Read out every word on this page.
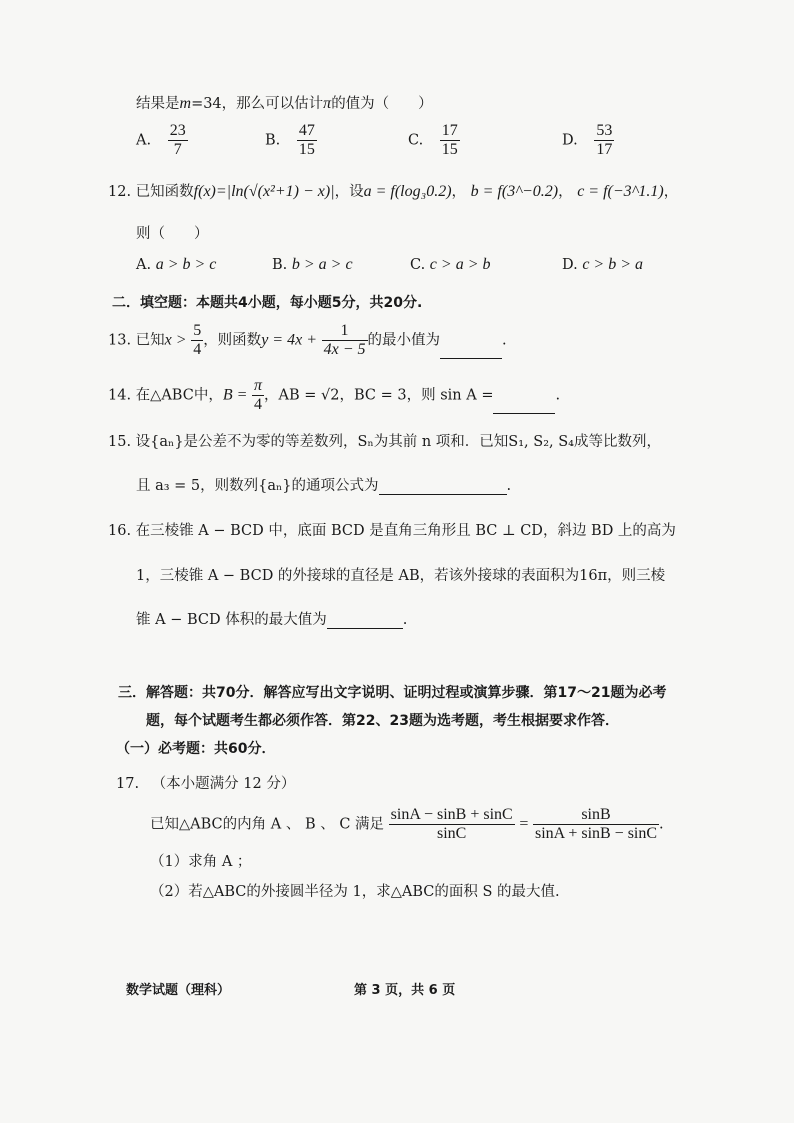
结果是m=34，那么可以估计π的值为（　　）
A. $\frac{23}{7}$	B. $\frac{47}{15}$	C. $\frac{17}{15}$	D. $\frac{53}{17}$
12. 已知函数f(x)=|ln(√(x²+1) − x)|，设a = f(log₃0.2)， b = f(3^−0.2)， c = f(−3^1.1)，
则（　　）
A. a > b > c	B. b > a > c	C. c > a > b	D. c > b > a
二．填空题：本题共4小题，每小题5分，共20分.
13. 已知$x > \frac{5}{4}$ ，则函数$y = 4x + \frac{1}{4x - 5}$ 的最小值为	.
14. 在△ABC中，$B = \frac{\pi}{4}$ ，AB = √2，BC = 3，则 sin A =	.
15. 设{aₙ}是公差不为零的等差数列，Sₙ为其前 n 项和．已知S₁, S₂, S₄成等比数列，
且 a₃ = 5，则数列{aₙ}的通项公式为	.
16. 在三棱锥 A − BCD 中，底面 BCD 是直角三角形且 BC ⊥ CD，斜边 BD 上的高为
1，三棱锥 A − BCD 的外接球的直径是 AB，若该外接球的表面积为16π，则三棱
锥 A − BCD 体积的最大值为	.
三．解答题：共70分．解答应写出文字说明、证明过程或演算步骤．第17～21题为必考
题，每个试题考生都必须作答．第22、23题为选考题，考生根据要求作答．
（一）必考题：共60分．
17. （本小题满分 12 分）
已知△ABC的内角 A 、 B 、 C 满足 $\frac{\sin A - \sin B + \sin C}{\sin C} = \frac{\sin B}{\sin A + \sin B - \sin C}$ .
（1）求角 A ；
（2）若△ABC的外接圆半径为 1，求△ABC的面积 S 的最大值.
数学试题（理科）	第 3 页，共 6 页
